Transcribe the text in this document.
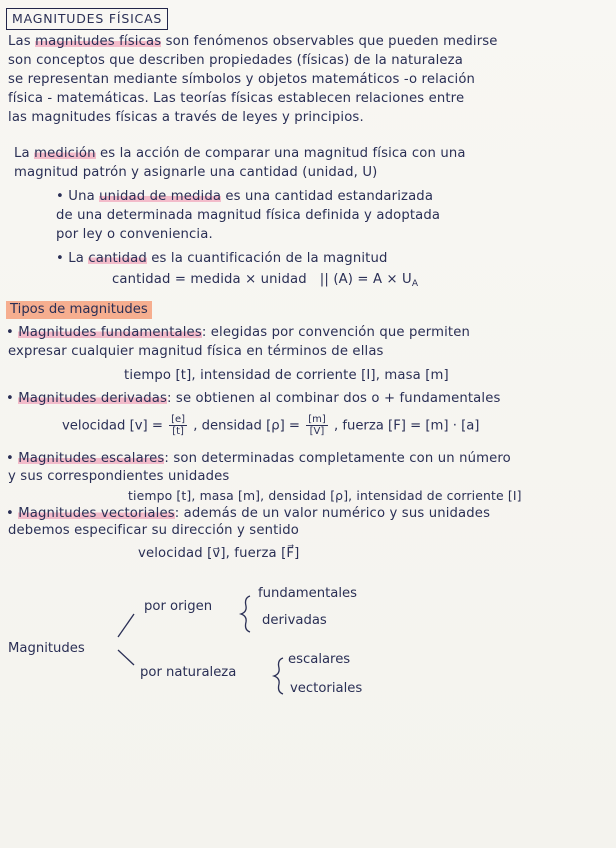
MAGNITUDES FÍSICAS
Las magnitudes físicas son fenómenos observables que pueden medirse
son conceptos que describen propiedades (físicas) de la naturaleza
se representan mediante símbolos y objetos matemáticos -o relación
física - matemáticas. Las teorías físicas establecen relaciones entre
las magnitudes físicas a través de leyes y principios.
La medición es la acción de comparar una magnitud física con una
magnitud patrón y asignarle una cantidad (unidad, U)
• Una unidad de medida es una cantidad estandarizada
de una determinada magnitud física definida y adoptada
por ley o conveniencia.
• La cantidad es la cuantificación de la magnitud
cantidad = medida × unidad || $(A) = A \times U_A$
Tipos de magnitudes
• Magnitudes fundamentales: elegidas por convención que permiten
expresar cualquier magnitud física en términos de ellas
tiempo [t], intensidad de corriente [I], masa [m]
• Magnitudes derivadas: se obtienen al combinar dos o + fundamentales
velocidad $[v] = \frac{[e]}{[t]}$ , densidad $[\rho] = \frac{[m]}{[V]}$ , fuerza [F] = [m] · [a]
• Magnitudes escalares: son determinadas completamente con un número
y sus correspondientes unidades
tiempo [t], masa [m], densidad [ρ], intensidad de corriente [I]
• Magnitudes vectoriales: además de un valor numérico y sus unidades
debemos especificar su dirección y sentido
velocidad [v⃗], fuerza [F⃗]
Magnitudes
por origen
fundamentales
derivadas
por naturaleza
escalares
vectoriales
